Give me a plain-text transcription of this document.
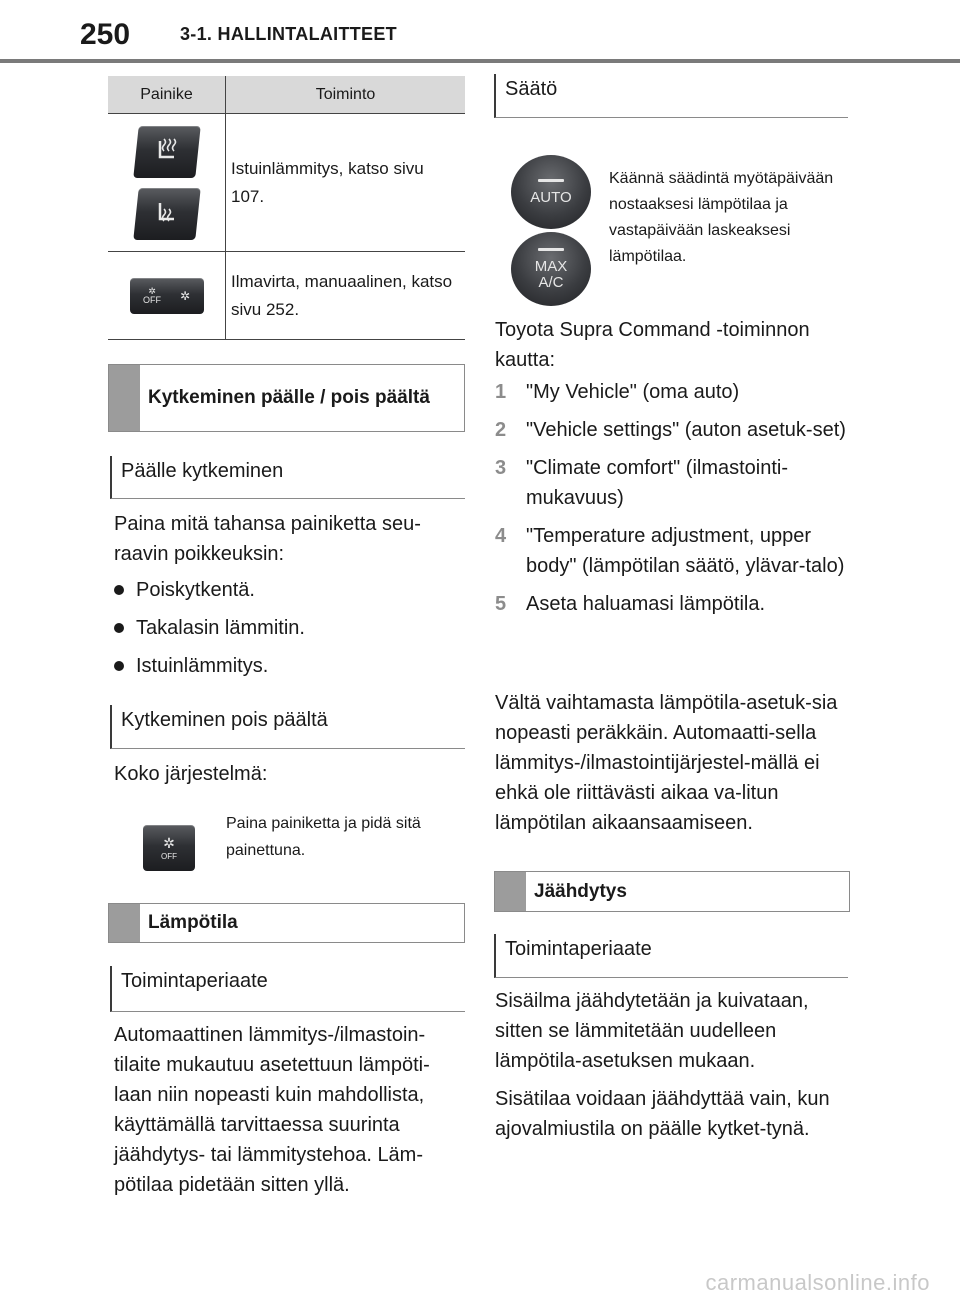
250	3-1. HALLINTALAITTEET
Painike	Toiminto
Istuinlämmitys, katso sivu 107.
✲
OFF ✲
Ilmavirta, manuaalinen, katso sivu 252.
Kytkeminen päälle / pois päältä
Päälle kytkeminen
Paina mitä tahansa painiketta seu-raavin poikkeuksin:
Poiskytkentä.
Takalasin lämmitin.
Istuinlämmitys.
Kytkeminen pois päältä
Koko järjestelmä:
✲
OFF
Paina painiketta ja pidä sitä painettuna.
Lämpötila
Toimintaperiaate
Automaattinen lämmitys-/ilmastoin-tilaite mukautuu asetettuun lämpöti-laan niin nopeasti kuin mahdollista, käyttämällä tarvittaessa suurinta jäähdytys- tai lämmitystehoa. Läm-pötilaa pidetään sitten yllä.
Säätö
AUTO
MAX
A/C
Käännä säädintä myötäpäivään nostaaksesi lämpötilaa ja vastapäivään laskeaksesi lämpötilaa.
Toyota Supra Command -toiminnon kautta:
1 "My Vehicle" (oma auto)
2 "Vehicle settings" (auton asetuk-set)
3 "Climate comfort" (ilmastointi-mukavuus)
4 "Temperature adjustment, upper body" (lämpötilan säätö, ylävar-talo)
5 Aseta haluamasi lämpötila.
Vältä vaihtamasta lämpötila-asetuk-sia nopeasti peräkkäin. Automaatti-sella lämmitys-/ilmastointijärjestel-mällä ei ehkä ole riittävästi aikaa va-litun lämpötilan aikaansaamiseen.
Jäähdytys
Toimintaperiaate
Sisäilma jäähdytetään ja kuivataan, sitten se lämmitetään uudelleen lämpötila-asetuksen mukaan.
Sisätilaa voidaan jäähdyttää vain, kun ajovalmiustila on päälle kytket-tynä.
carmanualsonline.info
